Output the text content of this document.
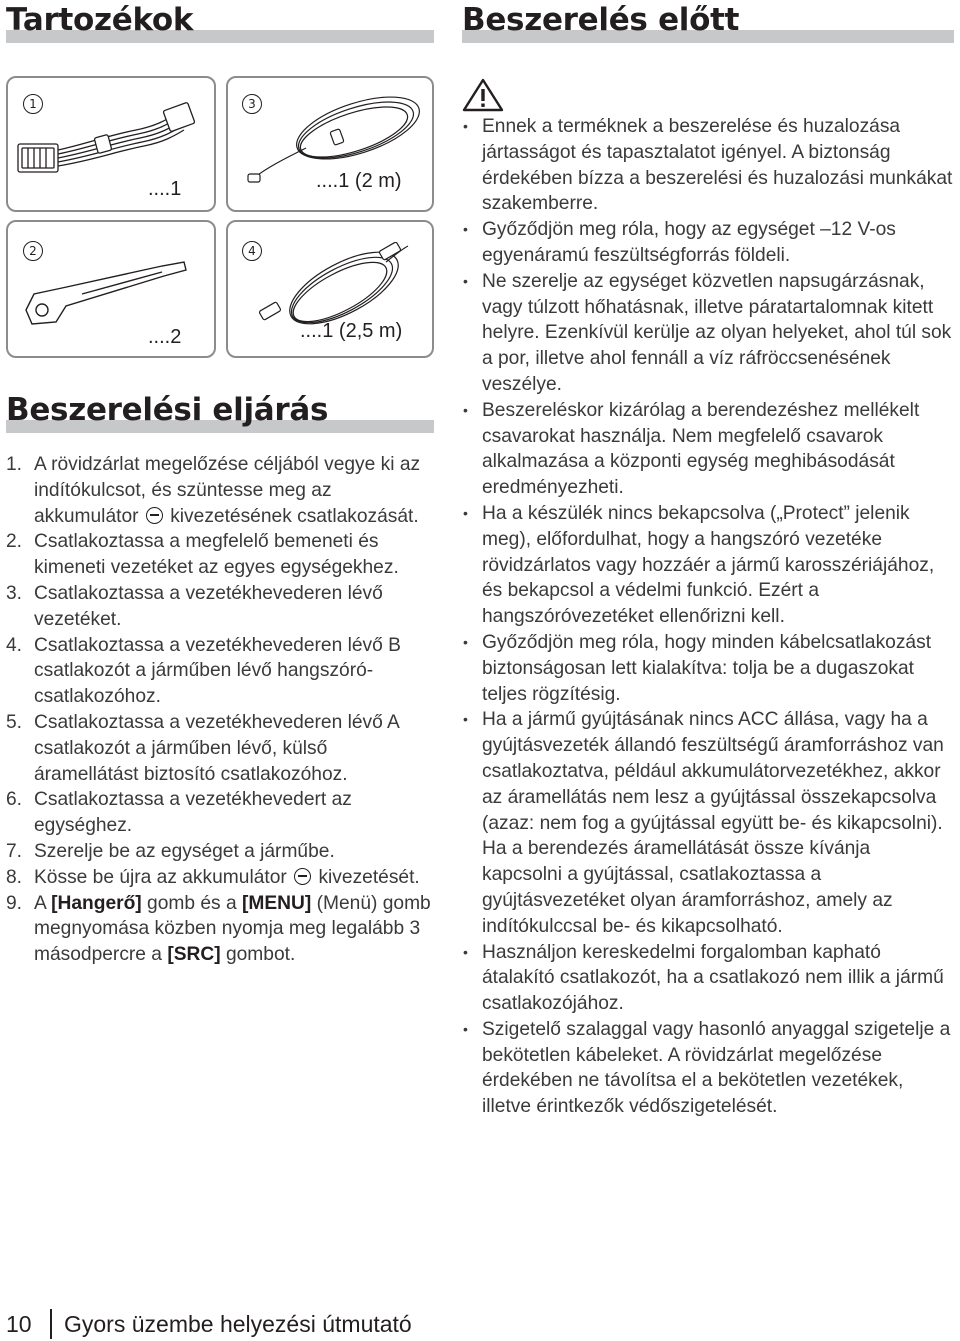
Tartozékok
1
....1
2
....2
3
....1 (2 m)
4
....1 (2,5 m)
Beszerelési eljárás
1. A rövidzárlat megelőzése céljából vegye ki az indítókulcsot, és szüntesse meg az akkumulátor kivezetésének csatlakozását.
2. Csatlakoztassa a megfelelő bemeneti és kimeneti vezetéket az egyes egységekhez.
3. Csatlakoztassa a vezetékhevederen lévő vezetéket.
4. Csatlakoztassa a vezetékhevederen lévő B csatlakozót a járműben lévő hangszóró-csatlakozóhoz.
5. Csatlakoztassa a vezetékhevederen lévő A csatlakozót a járműben lévő, külső áramellátást biztosító csatlakozóhoz.
6. Csatlakoztassa a vezetékhevedert az egységhez.
7. Szerelje be az egységet a járműbe.
8. Kösse be újra az akkumulátor kivezetését.
9. A [Hangerő] gomb és a [MENU] (Menü) gomb megnyomása közben nyomja meg legalább 3 másodpercre a [SRC] gombot.
Beszerelés előtt
• Ennek a terméknek a beszerelése és huzalozása jártasságot és tapasztalatot igényel. A biztonság érdekében bízza a beszerelési és huzalozási munkákat szakemberre.
• Győződjön meg róla, hogy az egységet –12 V-os egyenáramú feszültségforrás földeli.
• Ne szerelje az egységet közvetlen napsugárzásnak, vagy túlzott hőhatásnak, illetve páratartalomnak kitett helyre. Ezenkívül kerülje az olyan helyeket, ahol túl sok a por, illetve ahol fennáll a víz ráfröccsenésének veszélye.
• Beszereléskor kizárólag a berendezéshez mellékelt csavarokat használja. Nem megfelelő csavarok alkalmazása a központi egység meghibásodását eredményezheti.
• Ha a készülék nincs bekapcsolva („Protect” jelenik meg), előfordulhat, hogy a hangszóró vezetéke rövidzárlatos vagy hozzáér a jármű karosszériájához, és bekapcsol a védelmi funkció. Ezért a hangszóróvezetéket ellenőrizni kell.
• Győződjön meg róla, hogy minden kábelcsatlakozást biztonságosan lett kialakítva: tolja be a dugaszokat teljes rögzítésig.
• Ha a jármű gyújtásának nincs ACC állása, vagy ha a gyújtásvezeték állandó feszültségű áramforráshoz van csatlakoztatva, például akkumulátorvezetékhez, akkor az áramellátás nem lesz a gyújtással összekapcsolva (azaz: nem fog a gyújtással együtt be- és kikapcsolni). Ha a berendezés áramellátását össze kívánja kapcsolni a gyújtással, csatlakoztassa a gyújtásvezetéket olyan áramforráshoz, amely az indítókulccsal be- és kikapcsolható.
• Használjon kereskedelmi forgalomban kapható átalakító csatlakozót, ha a csatlakozó nem illik a jármű csatlakozójához.
• Szigetelő szalaggal vagy hasonló anyaggal szigetelje a bekötetlen kábeleket. A rövidzárlat megelőzése érdekében ne távolítsa el a bekötetlen vezetékek, illetve érintkezők védőszigetelését.
10 Gyors üzembe helyezési útmutató
